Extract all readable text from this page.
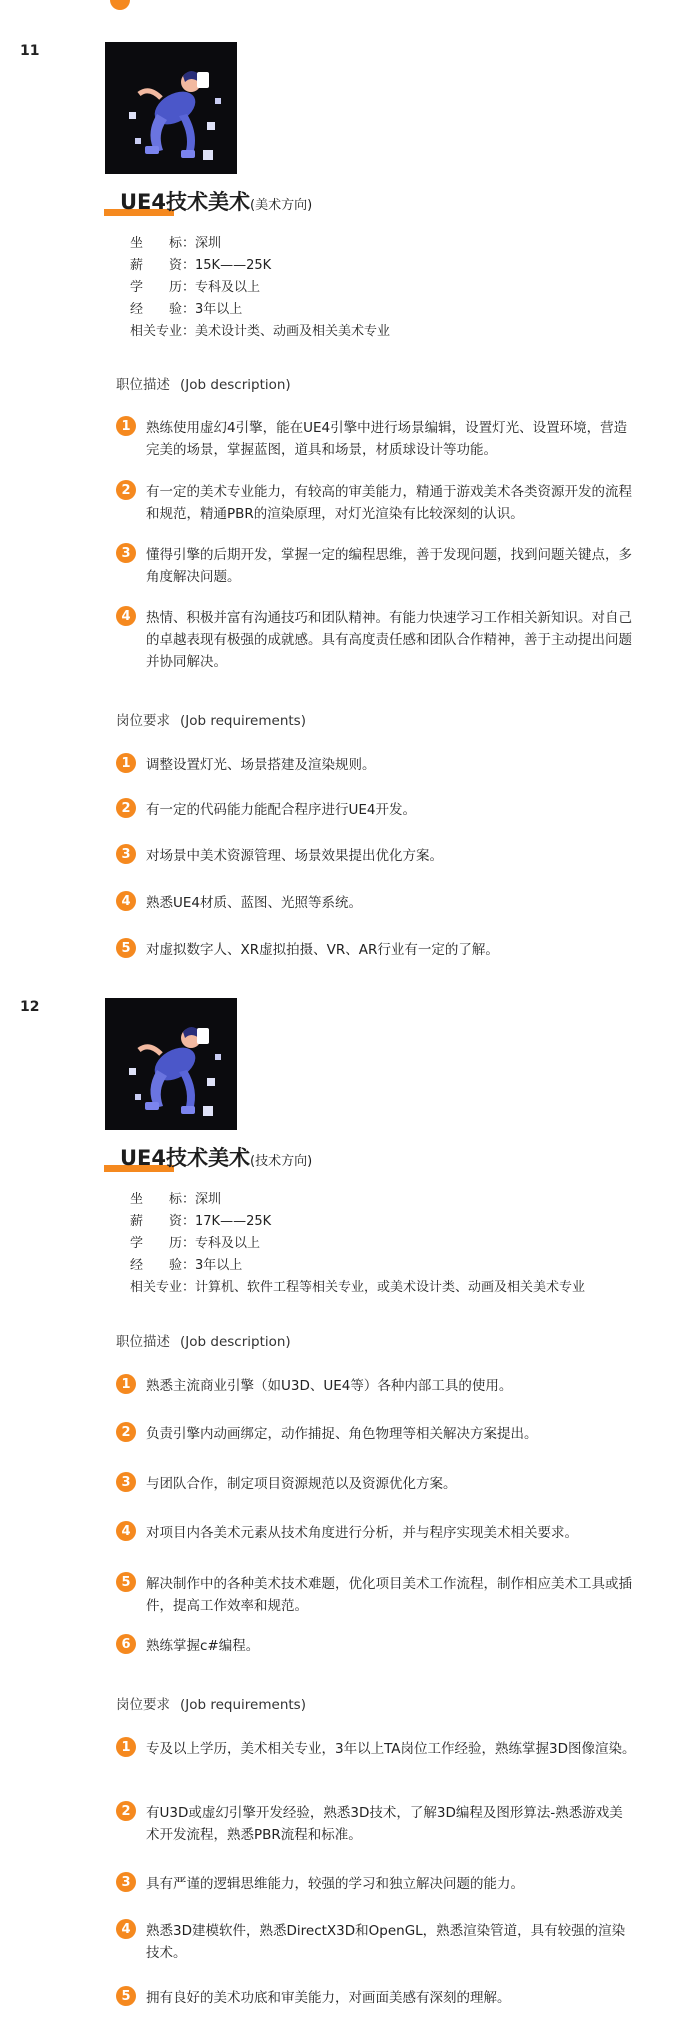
11
UE4技术美术(美术方向)
坐　　标：深圳
薪　　资：15K——25K
学　　历：专科及以上
经　　验：3年以上
相关专业：美术设计类、动画及相关美术专业
职位描述 (Job description)
1	熟练使用虚幻4引擎，能在UE4引擎中进行场景编辑，设置灯光、设置环境，营造完美的场景，掌握蓝图，道具和场景，材质球设计等功能。
2	有一定的美术专业能力，有较高的审美能力，精通于游戏美术各类资源开发的流程和规范，精通PBR的渲染原理，对灯光渲染有比较深刻的认识。
3	懂得引擎的后期开发，掌握一定的编程思维，善于发现问题，找到问题关键点，多角度解决问题。
4	热情、积极并富有沟通技巧和团队精神。有能力快速学习工作相关新知识。对自己的卓越表现有极强的成就感。具有高度责任感和团队合作精神，善于主动提出问题并协同解决。
岗位要求 (Job requirements)
1	调整设置灯光、场景搭建及渲染规则。
2	有一定的代码能力能配合程序进行UE4开发。
3	对场景中美术资源管理、场景效果提出优化方案。
4	熟悉UE4材质、蓝图、光照等系统。
5	对虚拟数字人、XR虚拟拍摄、VR、AR行业有一定的了解。
12
UE4技术美术(技术方向)
坐　　标：深圳
薪　　资：17K——25K
学　　历：专科及以上
经　　验：3年以上
相关专业：计算机、软件工程等相关专业，或美术设计类、动画及相关美术专业
职位描述 (Job description)
1	熟悉主流商业引擎（如U3D、UE4等）各种内部工具的使用。
2	负责引擎内动画绑定，动作捕捉、角色物理等相关解决方案提出。
3	与团队合作，制定项目资源规范以及资源优化方案。
4	对项目内各美术元素从技术角度进行分析，并与程序实现美术相关要求。
5	解决制作中的各种美术技术难题，优化项目美术工作流程，制作相应美术工具或插件，提高工作效率和规范。
6	熟练掌握c#编程。
岗位要求 (Job requirements)
1	专及以上学历，美术相关专业，3年以上TA岗位工作经验，熟练掌握3D图像渲染。
2	有U3D或虚幻引擎开发经验，熟悉3D技术，了解3D编程及图形算法-熟悉游戏美术开发流程，熟悉PBR流程和标准。
3	具有严谨的逻辑思维能力，较强的学习和独立解决问题的能力。
4	熟悉3D建模软件，熟悉DirectX3D和OpenGL，熟悉渲染管道，具有较强的渲染技术。
5	拥有良好的美术功底和审美能力，对画面美感有深刻的理解。
